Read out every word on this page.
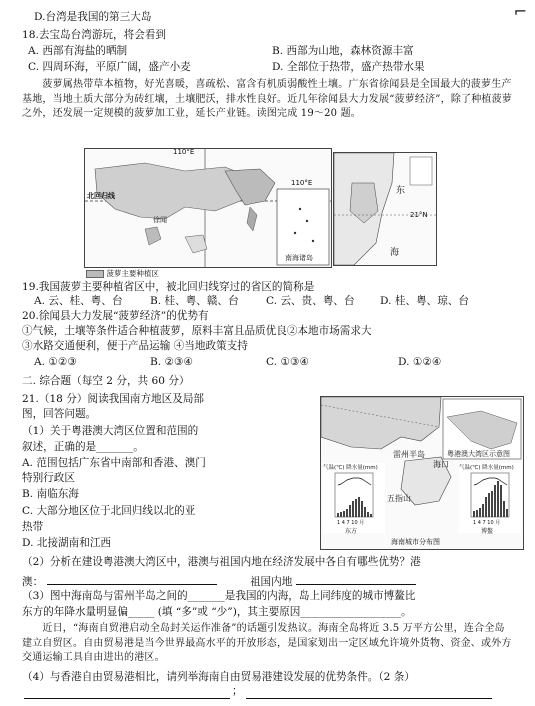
⌐
D.台湾是我国的第三大岛
18.去宝岛台湾游玩，将会看到
A. 西部有海盐的晒制	B. 西部为山地，森林资源丰富
C. 四周环海，平原广阔，盛产小麦	D. 全部位于热带，盛产热带水果
　　菠萝属热带草本植物，好光喜暖，喜疏松、富含有机质弱酸性土壤。广东省徐闻县是全国最大的菠萝生产基地，当地土质大部分为砖红壤，土壤肥沃，排水性良好。近几年徐闻县大力发展“菠萝经济”，除了种植菠萝之外，还发展一定规模的菠萝加工业，延长产业链。读图完成 19～20 题。
110°E
110°E
北回归线
徐闻
南海诸岛
菠萝主要种植区
东
21°N
海
19.我国菠萝主要种植省区中，被北回归线穿过的省区的简称是
A. 云、桂、粤、台	B. 桂、粤、赣、台	C. 云、贵、粤、台 D. 桂、粤、琼、台
20.徐闻县大力发展“菠萝经济”的优势有
①气候，土壤等条件适合种植菠萝，原料丰富且品质优良②本地市场需求大
③水路交通便利，便于产品运输 ④当地政策支持
A. ①②③	B. ②③④	C. ①③④	D. ①②④
二. 综合题（每空 2 分，共 60 分）
21.（18 分）阅读我国南方地区及局部
图，回答问题。
（1）关于粤港澳大湾区位置和范围的
叙述，正确的是_______。
A. 范围包括广东省中南部和香港、澳门
特别行政区
B. 南临东海
C. 大部分地区位于北回归线以北的亚
热带
D. 北接湖南和江西
粤港澳大湾区示意图
雷州半岛
海口
五指山
海南城市分布图
气温(℃) 降水量(mm)
1 4 7 10 月
东方
气温(℃) 降水量(mm)
1 4 7 10 月
博鳌
（2）分析在建设粤港澳大湾区中，港澳与祖国内地在经济发展中各自有哪些优势？港
澳：	祖国内地
（3）图中海南岛与雷州半岛之间的_______是我国的内海，岛上同纬度的城市博鳌比
东方的年降水量明显偏_____ (填 “多”或 “少”)，其主要原因___________________。
　　近日，“海南自贸港启动全岛封关运作准备”的话题引发热议。海南全岛将近 3.5 万平方公里，连合全岛建立自贸区。自由贸易港是当今世界最高水平的开放形态，是国家划出一定区域允许境外货物、资金、或外方交通运输工具自由进出的港区。
（4）与香港自由贸易港相比，请列举海南自由贸易港建设发展的优势条件。（2 条）
；
